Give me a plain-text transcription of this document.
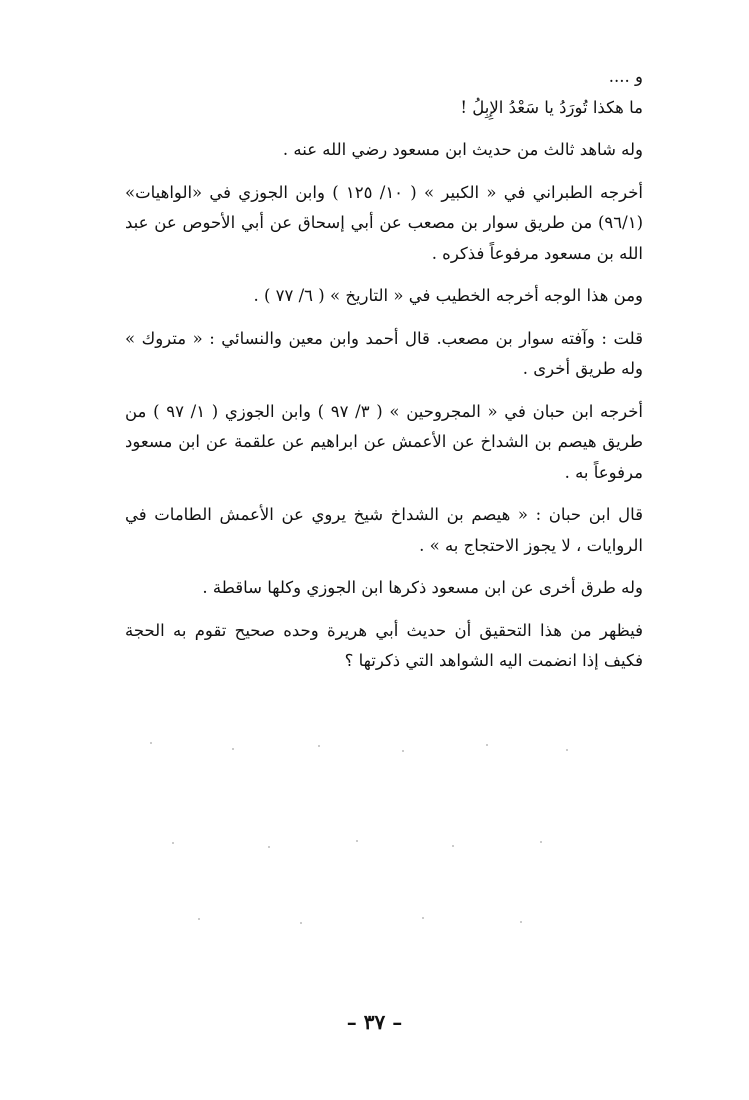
و ....

ما هكذا تُورَدُ يا سَعْدُ الإِبِلُ !

وله شاهد ثالث من حديث ابن مسعود رضي الله عنه .

أخرجه الطبراني في « الكبير » ( ١٠/ ١٢٥ ) وابن الجوزي في «الواهيات» (٩٦/١) من طريق سوار بن مصعب عن أبي إسحاق عن أبي الأحوص عن عبد الله بن مسعود مرفوعاً فذكره .

ومن هذا الوجه أخرجه الخطيب في « التاريخ » ( ٦/ ٧٧ ) .

قلت : وآفته سوار بن مصعب. قال أحمد وابن معين والنسائي : « متروك » وله طريق أخرى .

أخرجه ابن حبان في « المجروحين » ( ٣/ ٩٧ ) وابن الجوزي ( ١/ ٩٧ ) من طريق هيصم بن الشداخ عن الأعمش عن ابراهيم عن علقمة عن ابن مسعود مرفوعاً به .

قال ابن حبان : « هيصم بن الشداخ شيخ يروي عن الأعمش الطامات في الروايات ، لا يجوز الاحتجاج به » .

وله طرق أخرى عن ابن مسعود ذكرها ابن الجوزي وكلها ساقطة .

فيظهر من هذا التحقيق أن حديث أبي هريرة وحده صحيح تقوم به الحجة فكيف إذا انضمت اليه الشواهد التي ذكرتها ؟

– ٣٧ –
